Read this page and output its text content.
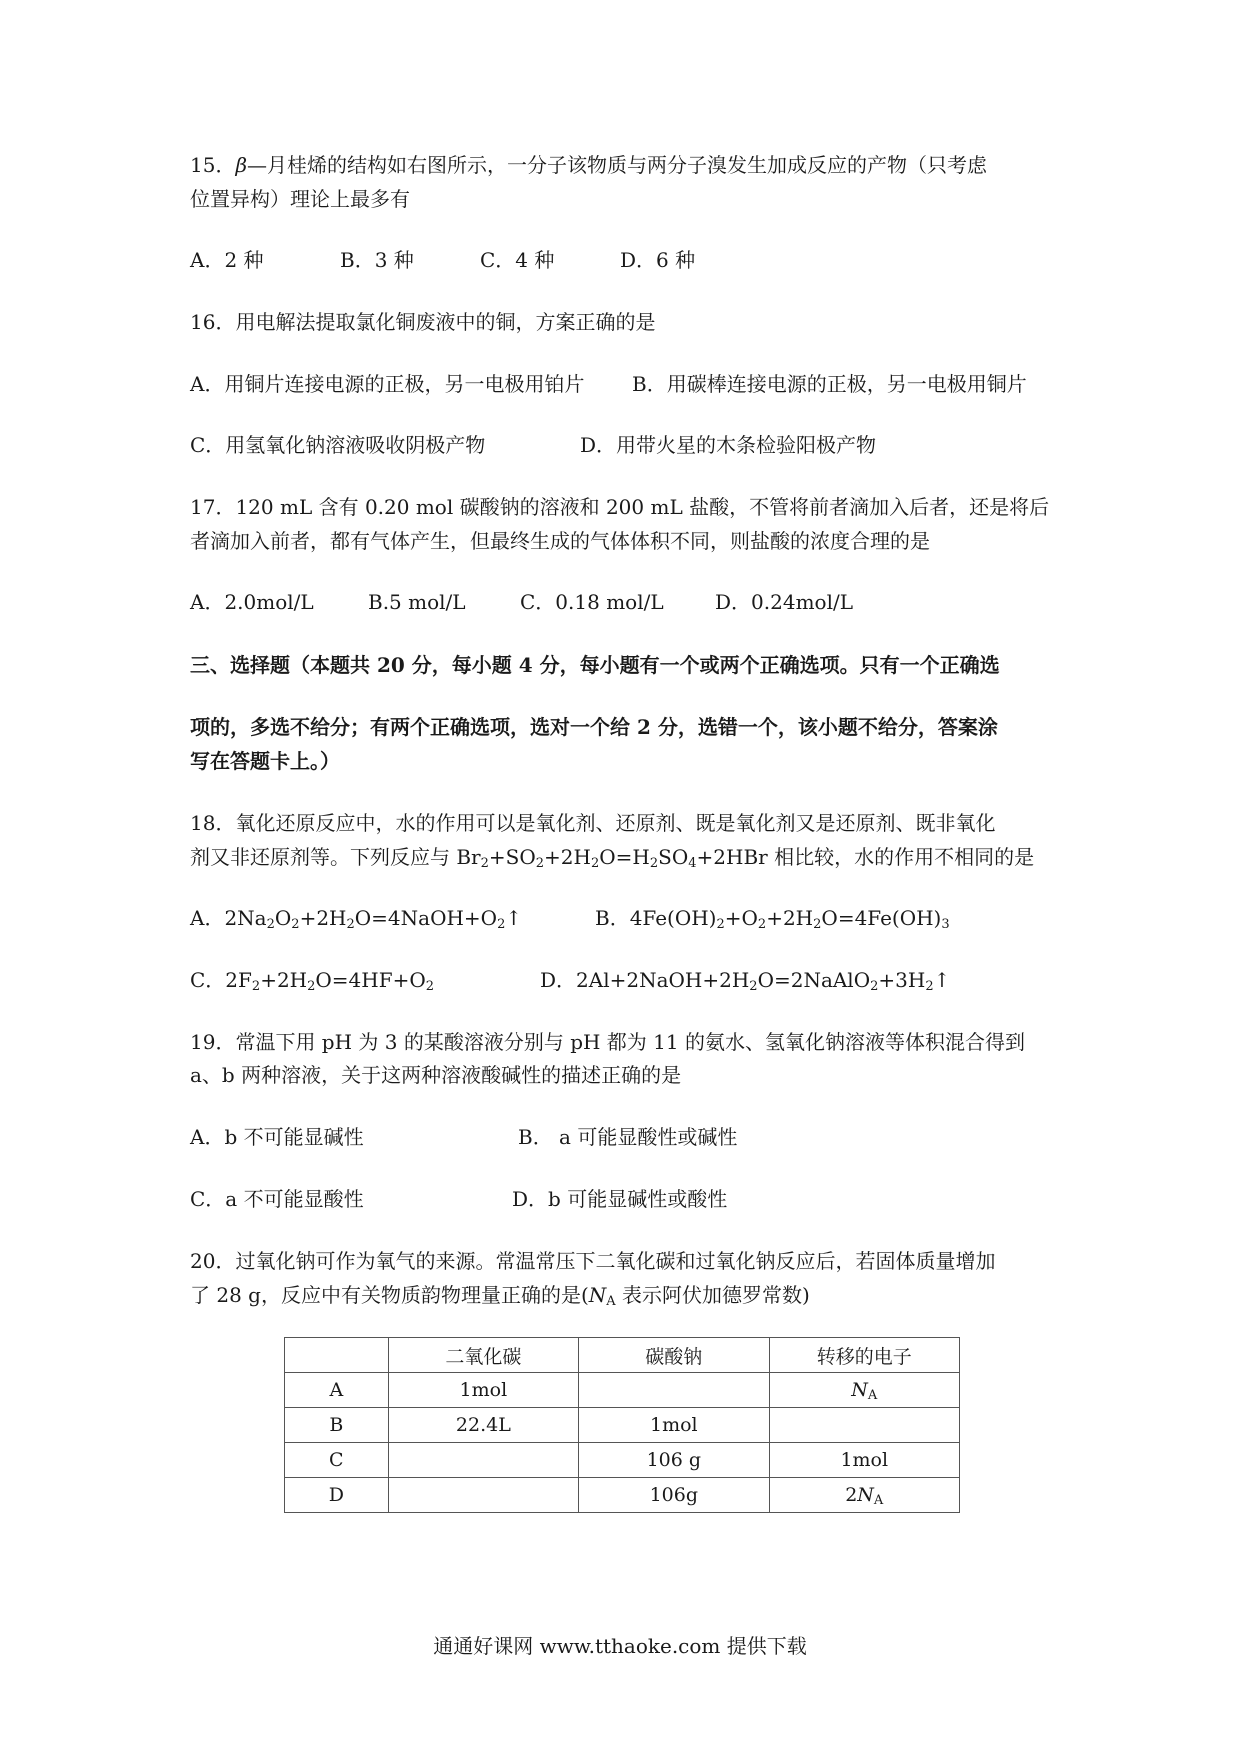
15．β—月桂烯的结构如右图所示，一分子该物质与两分子溴发生加成反应的产物（只考虑
位置异构）理论上最多有
A．2 种	B．3 种	C．4 种	D．6 种
16．用电解法提取氯化铜废液中的铜，方案正确的是
A．用铜片连接电源的正极，另一电极用铂片 B．用碳棒连接电源的正极，另一电极用铜片
C．用氢氧化钠溶液吸收阴极产物	D．用带火星的木条检验阳极产物
17．120 mL 含有 0.20 mol 碳酸钠的溶液和 200 mL 盐酸，不管将前者滴加入后者，还是将后
者滴加入前者，都有气体产生，但最终生成的气体体积不同，则盐酸的浓度合理的是
A．2.0mol/L	B.5 mol/L	C．0.18 mol/L	D．0.24mol/L
三、选择题（本题共 20 分，每小题 4 分，每小题有一个或两个正确选项。只有一个正确选
项的，多选不给分；有两个正确选项，选对一个给 2 分，选错一个，该小题不给分，答案涂
写在答题卡上。）
18．氧化还原反应中，水的作用可以是氧化剂、还原剂、既是氧化剂又是还原剂、既非氧化
剂又非还原剂等。下列反应与 $Br_2+SO_2+2H_2O=H_2SO_4+2HBr$ 相比较，水的作用不相同的是
A．$2Na_2O_2+2H_2O=4NaOH+O_2↑$	B．$4Fe(OH)_2+O_2+2H_2O=4Fe(OH)_3$
C．$2F_2+2H_2O=4HF+O_2$	D．$2Al+2NaOH+2H_2O=2NaAlO_2+3H_2↑$
19．常温下用 pH 为 3 的某酸溶液分别与 pH 都为 11 的氨水、氢氧化钠溶液等体积混合得到
a、b 两种溶液，关于这两种溶液酸碱性的描述正确的是
A．b 不可能显碱性	B． a 可能显酸性或碱性
C．a 不可能显酸性	D．b 可能显碱性或酸性
20．过氧化钠可作为氧气的来源。常温常压下二氧化碳和过氧化钠反应后，若固体质量增加
了 28 g，反应中有关物质韵物理量正确的是($N_A$ 表示阿伏加德罗常数)
	二氧化碳	碳酸钠	转移的电子
A	1mol		$N_A$
B	22.4L	1mol	
C		106 g	1mol
D		106g	$2N_A$
通通好课网 www.tthaoke.com 提供下载
